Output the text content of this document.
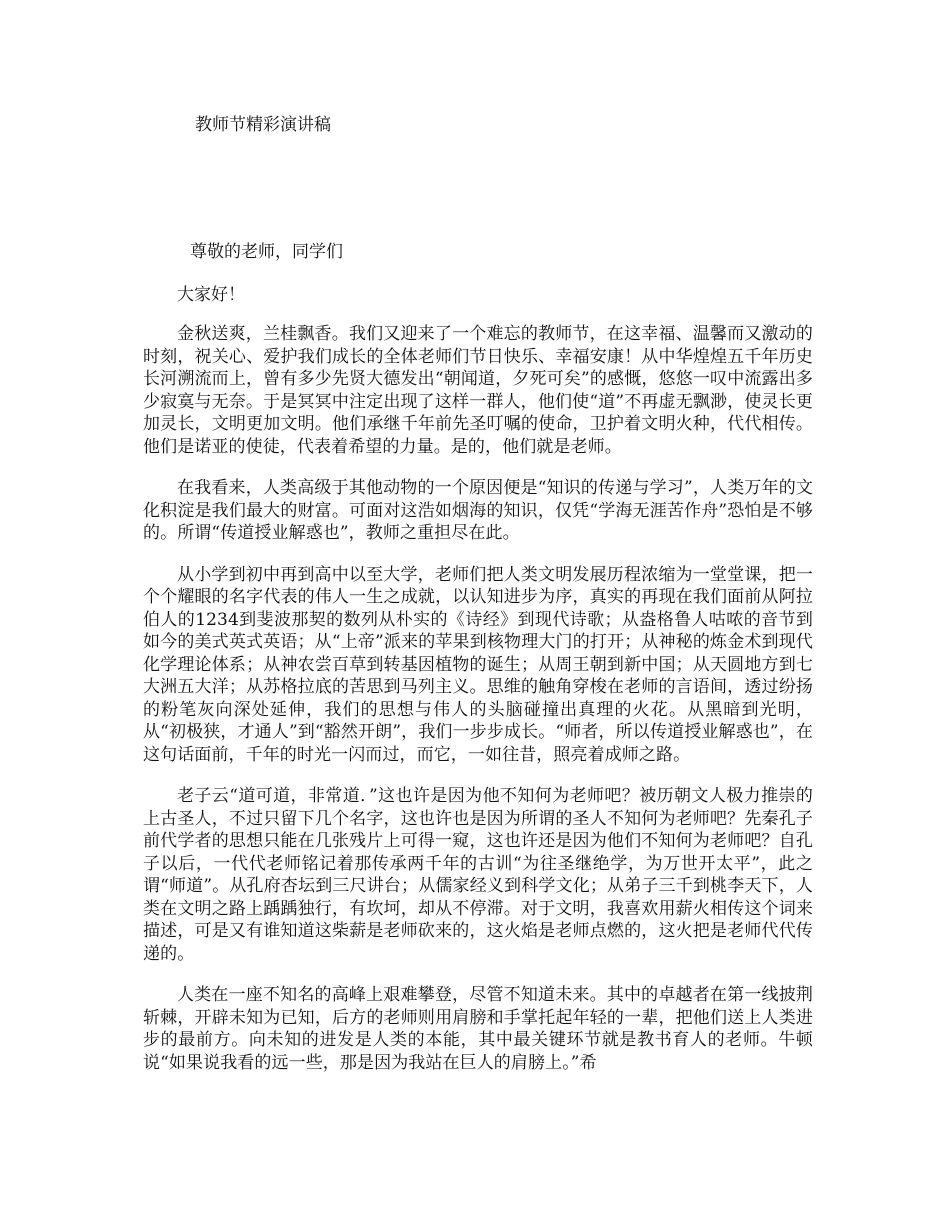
教师节精彩演讲稿
尊敬的老师，同学们
大家好！

金秋送爽，兰桂飘香。我们又迎来了一个难忘的教师节，在这幸福、温馨而又激动的时刻，祝关心、爱护我们成长的全体老师们节日快乐、幸福安康！从中华煌煌五千年历史长河溯流而上，曾有多少先贤大德发出“朝闻道，夕死可矣”的感慨，悠悠一叹中流露出多少寂寞与无奈。于是冥冥中注定出现了这样一群人，他们使“道”不再虚无飘渺，使灵长更加灵长，文明更加文明。他们承继千年前先圣叮嘱的使命，卫护着文明火种，代代相传。他们是诺亚的使徒，代表着希望的力量。是的，他们就是老师。

在我看来，人类高级于其他动物的一个原因便是“知识的传递与学习”，人类万年的文化积淀是我们最大的财富。可面对这浩如烟海的知识，仅凭“学海无涯苦作舟”恐怕是不够的。所谓“传道授业解惑也”，教师之重担尽在此。

从小学到初中再到高中以至大学，老师们把人类文明发展历程浓缩为一堂堂课，把一个个耀眼的名字代表的伟人一生之成就，以认知进步为序，真实的再现在我们面前从阿拉伯人的1234到斐波那契的数列从朴实的《诗经》到现代诗歌；从盎格鲁人咕哝的音节到如今的美式英式英语；从“上帝”派来的苹果到核物理大门的打开；从神秘的炼金术到现代化学理论体系；从神农尝百草到转基因植物的诞生；从周王朝到新中国；从天圆地方到七大洲五大洋；从苏格拉底的苦思到马列主义。思维的触角穿梭在老师的言语间，透过纷扬的粉笔灰向深处延伸，我们的思想与伟人的头脑碰撞出真理的火花。从黑暗到光明，从“初极狭，才通人”到“豁然开朗”，我们一步步成长。“师者，所以传道授业解惑也”，在这句话面前，千年的时光一闪而过，而它，一如往昔，照亮着成师之路。

老子云“道可道，非常道．”这也许是因为他不知何为老师吧？被历朝文人极力推崇的上古圣人，不过只留下几个名字，这也许也是因为所谓的圣人不知何为老师吧？先秦孔子前代学者的思想只能在几张残片上可得一窥，这也许还是因为他们不知何为老师吧？自孔子以后，一代代老师铭记着那传承两千年的古训“为往圣继绝学，为万世开太平”，此之谓“师道”。从孔府杏坛到三尺讲台；从儒家经义到科学文化；从弟子三千到桃李天下，人类在文明之路上踽踽独行，有坎坷，却从不停滞。对于文明，我喜欢用薪火相传这个词来描述，可是又有谁知道这柴薪是老师砍来的，这火焰是老师点燃的，这火把是老师代代传递的。

人类在一座不知名的高峰上艰难攀登，尽管不知道未来。其中的卓越者在第一线披荆斩棘，开辟未知为已知，后方的老师则用肩膀和手掌托起年轻的一辈，把他们送上人类进步的最前方。向未知的进发是人类的本能，其中最关键环节就是教书育人的老师。牛顿说“如果说我看的远一些，那是因为我站在巨人的肩膀上。”希
